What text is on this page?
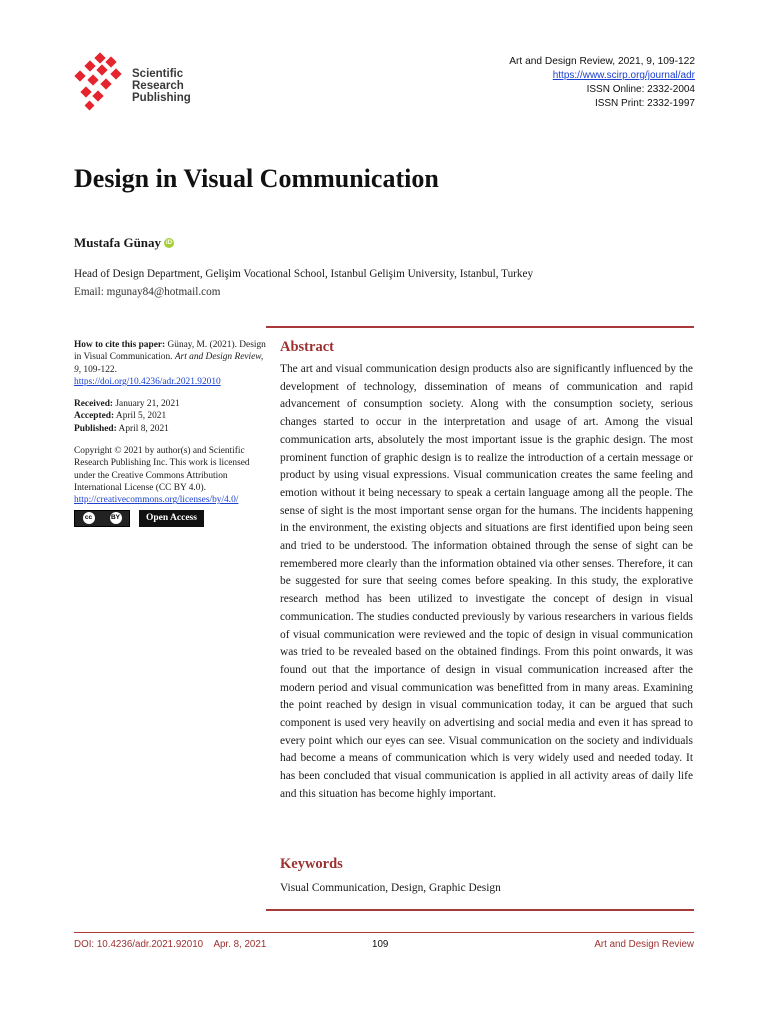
Scientific
Research
Publishing
Art and Design Review, 2021, 9, 109-122
https://www.scirp.org/journal/adr
ISSN Online: 2332-2004
ISSN Print: 2332-1997
Design in Visual Communication
Mustafa Günay iD
Head of Design Department, Gelişim Vocational School, Istanbul Gelişim University, Istanbul, Turkey
Email: mgunay84@hotmail.com

How to cite this paper: Günay, M. (2021). Design in Visual Communication. Art and Design Review, 9, 109-122.
https://doi.org/10.4236/adr.2021.92010

Received: January 21, 2021
Accepted: April 5, 2021
Published: April 8, 2021

Copyright © 2021 by author(s) and Scientific Research Publishing Inc. This work is licensed under the Creative Commons Attribution International License (CC BY 4.0).
http://creativecommons.org/licenses/by/4.0/

cc	BY	Open Access
Abstract

The art and visual communication design products also are significantly influenced by the development of technology, dissemination of means of communication and rapid advancement of consumption society. Along with the consumption society, serious changes started to occur in the interpretation and usage of art. Among the visual communication arts, absolutely the most important issue is the graphic design. The most prominent function of graphic design is to realize the introduction of a certain message or product by using visual expressions. Visual communication creates the same feeling and emotion without it being necessary to speak a certain language among all the people. The sense of sight is the most important sense organ for the humans. The incidents happening in the environment, the existing objects and situations are first identified upon being seen and tried to be understood. The information obtained through the sense of sight can be remembered more clearly than the information obtained via other senses. Therefore, it can be suggested for sure that seeing comes before speaking. In this study, the explorative research method has been utilized to investigate the concept of design in visual communication. The studies conducted previously by various researchers in various fields of visual communication were reviewed and the topic of design in visual communication was tried to be revealed based on the obtained findings. From this point onwards, it was found out that the importance of design in visual communication increased after the modern period and visual communication was benefitted from in many areas. Examining the point reached by design in visual communication today, it can be argued that such component is used very heavily on advertising and social media and even it has spread to every point which our eyes can see. Visual communication on the society and individuals had become a means of communication which is very widely used and needed today. It has been concluded that visual communication is applied in all activity areas of daily life and this situation has become highly important.

Keywords
Visual Communication, Design, Graphic Design
DOI: 10.4236/adr.2021.92010    Apr. 8, 2021	109	Art and Design Review
